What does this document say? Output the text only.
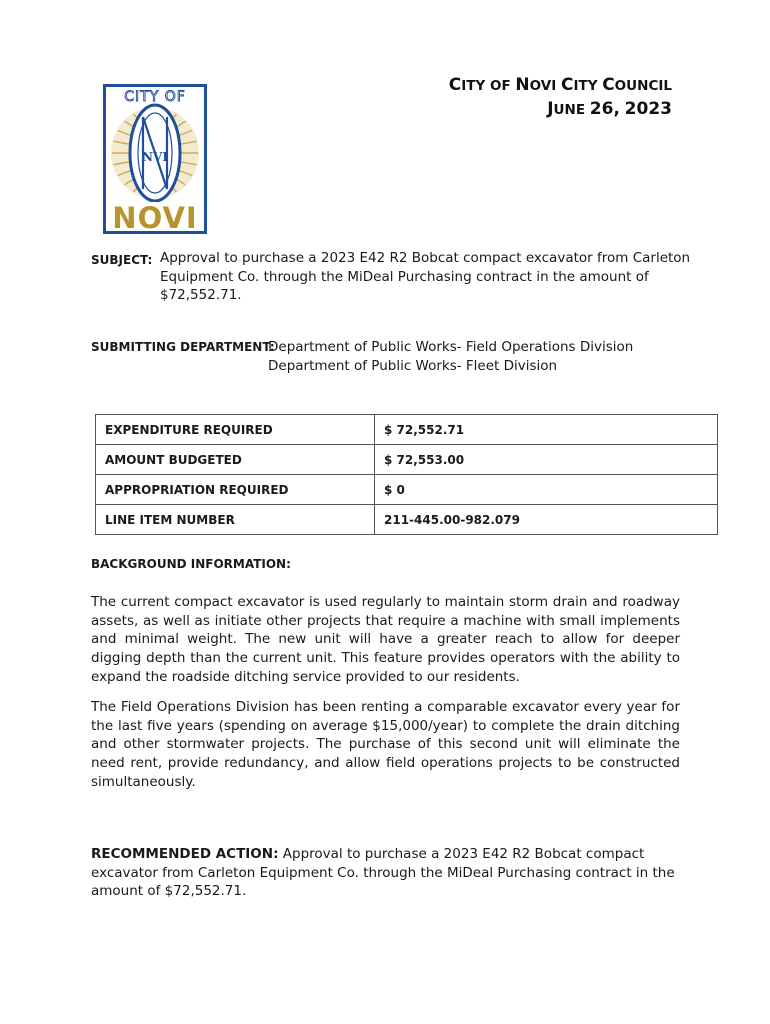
CITY OF
NVI
NOVI
CITY OF NOVI CITY COUNCIL
JUNE 26, 2023
SUBJECT: Approval to purchase a 2023 E42 R2 Bobcat compact excavator from Carleton Equipment Co. through the MiDeal Purchasing contract in the amount of $72,552.71.
SUBMITTING DEPARTMENT:
Department of Public Works- Field Operations Division
Department of Public Works- Fleet Division
EXPENDITURE REQUIRED	$ 72,552.71
AMOUNT BUDGETED	$ 72,553.00
APPROPRIATION REQUIRED	$ 0
LINE ITEM NUMBER	211-445.00-982.079
BACKGROUND INFORMATION:

The current compact excavator is used regularly to maintain storm drain and roadway assets, as well as initiate other projects that require a machine with small implements and minimal weight. The new unit will have a greater reach to allow for deeper digging depth than the current unit. This feature provides operators with the ability to expand the roadside ditching service provided to our residents.

The Field Operations Division has been renting a comparable excavator every year for the last five years (spending on average $15,000/year) to complete the drain ditching and other stormwater projects. The purchase of this second unit will eliminate the need rent, provide redundancy, and allow field operations projects to be constructed simultaneously.

RECOMMENDED ACTION: Approval to purchase a 2023 E42 R2 Bobcat compact excavator from Carleton Equipment Co. through the MiDeal Purchasing contract in the amount of $72,552.71.
